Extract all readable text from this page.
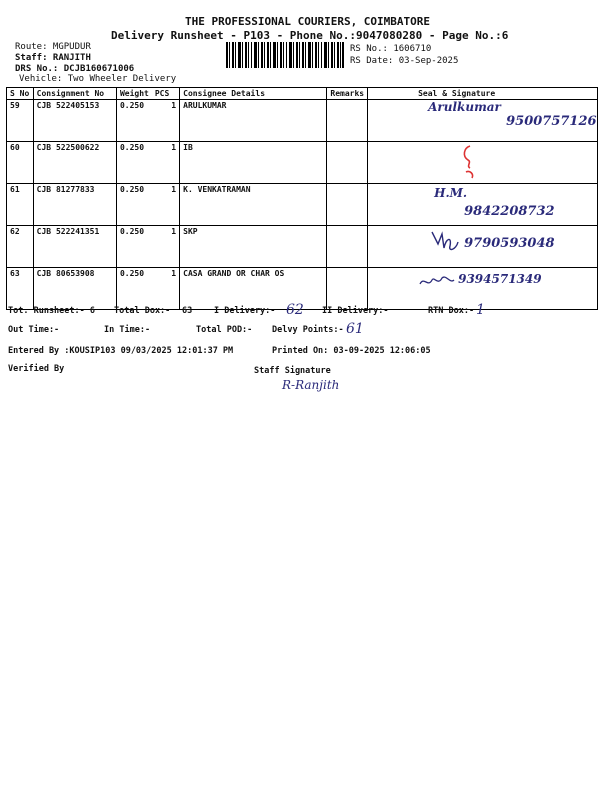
THE PROFESSIONAL COURIERS, COIMBATORE
Delivery Runsheet - P103 - Phone No.:9047080280 - Page No.:6
Route: MGPUDUR
Staff: RANJITH
DRS No.: DCJB160671006
Vehicle: Two Wheeler Delivery
RS No.: 1606710
RS Date: 03-Sep-2025
S No	Consignment No	Weight	PCS	Consignee Details	Remarks	Seal & Signature
59	CJB 522405153	0.250	1	ARULKUMAR		Arulkumar
9500757126

60	CJB 522500622	0.250	1	IB		

61	CJB 81277833	0.250	1	K. VENKATRAMAN		H.M.
9842208732

62	CJB 522241351	0.250	1	SKP		9790593048

63	CJB 80653908	0.250	1	CASA GRAND OR CHAR OS		9394571349
Tot. Runsheet:- 6 Total Dox:- 63	I Delivery:- 62 II Delivery:-	RTN Dox:- 1
Out Time:-	In Time:-	Total POD:- Delvy Points:- 61
Entered By :KOUSIP103 09/03/2025 12:01:37 PM	Printed On: 03-09-2025 12:06:05
Verified By	Staff Signature
R-Ranjith
